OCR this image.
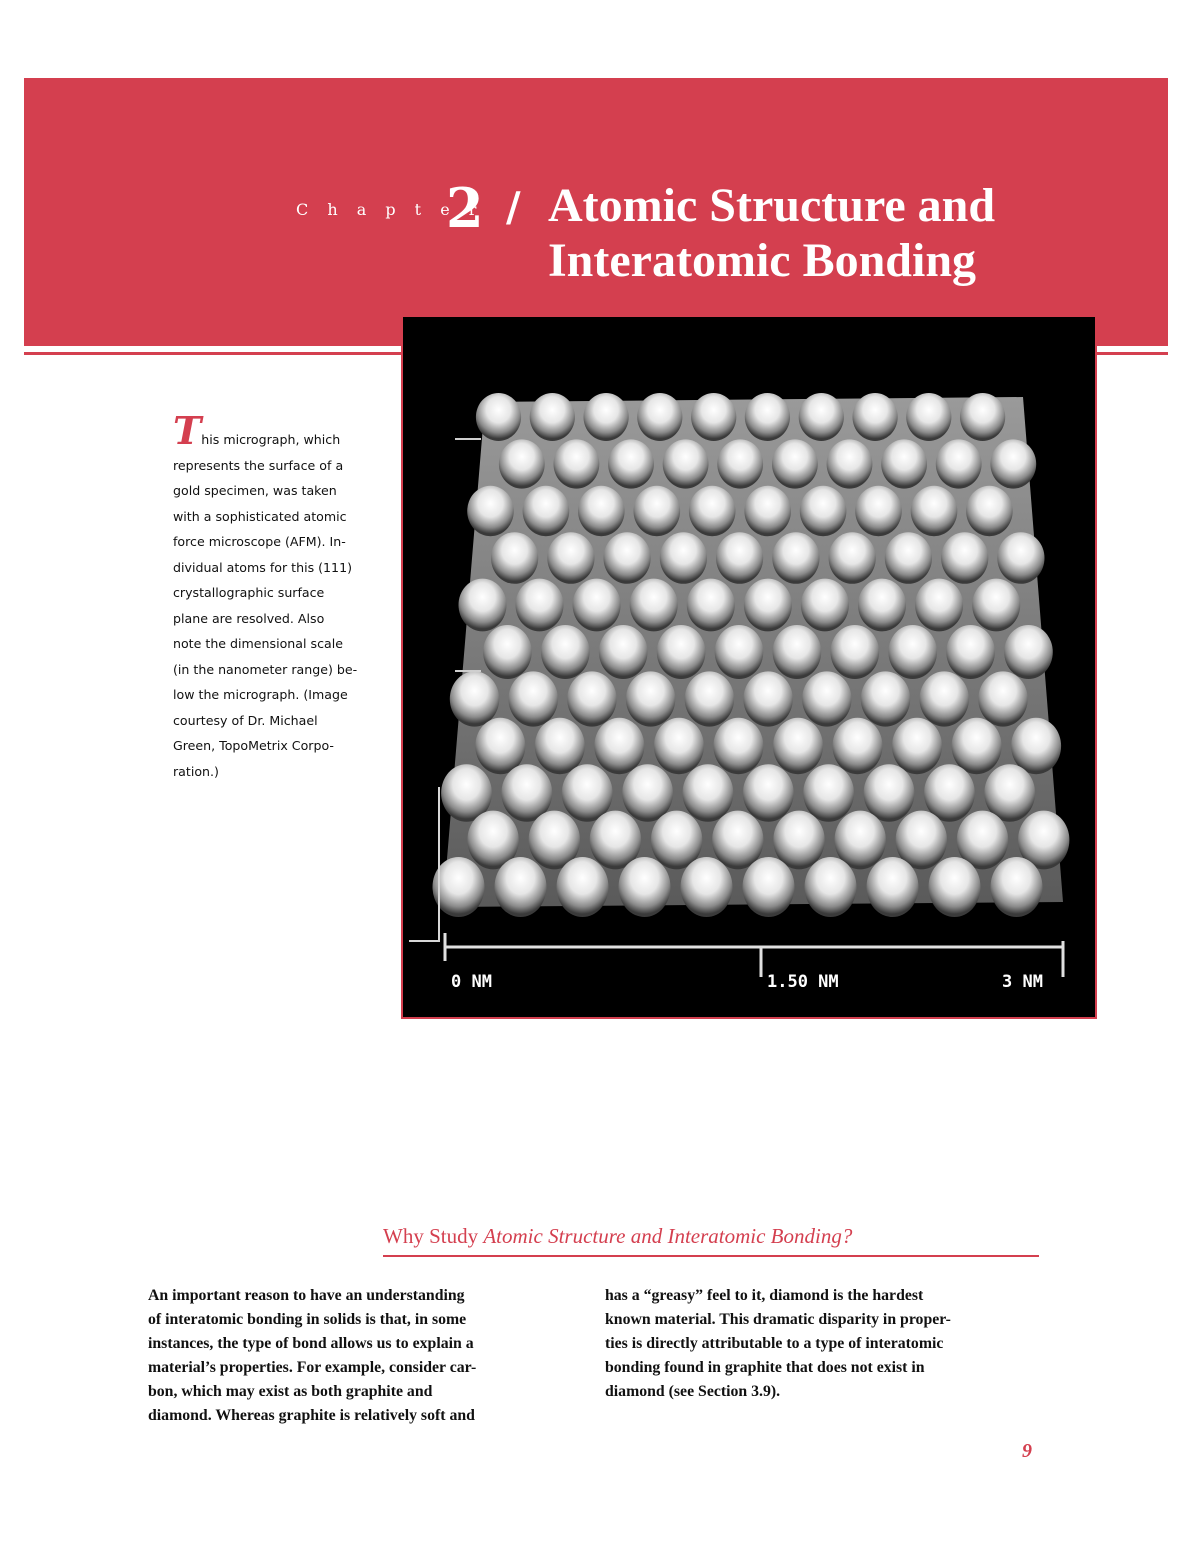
C h a p t e r
2 / Atomic Structure and
Interatomic Bonding
0 NM	1.50 NM	3 NM
This micrograph, which
represents the surface of a
gold specimen, was taken
with a sophisticated atomic
force microscope (AFM). In-
dividual atoms for this (111)
crystallographic surface
plane are resolved. Also
note the dimensional scale
(in the nanometer range) be-
low the micrograph. (Image
courtesy of Dr. Michael
Green, TopoMetrix Corpo-
ration.)
Why Study Atomic Structure and Interatomic Bonding?
An important reason to have an understanding
of interatomic bonding in solids is that, in some
instances, the type of bond allows us to explain a
material’s properties. For example, consider car-
bon, which may exist as both graphite and
diamond. Whereas graphite is relatively soft and
has a “greasy” feel to it, diamond is the hardest
known material. This dramatic disparity in proper-
ties is directly attributable to a type of interatomic
bonding found in graphite that does not exist in
diamond (see Section 3.9).
9
